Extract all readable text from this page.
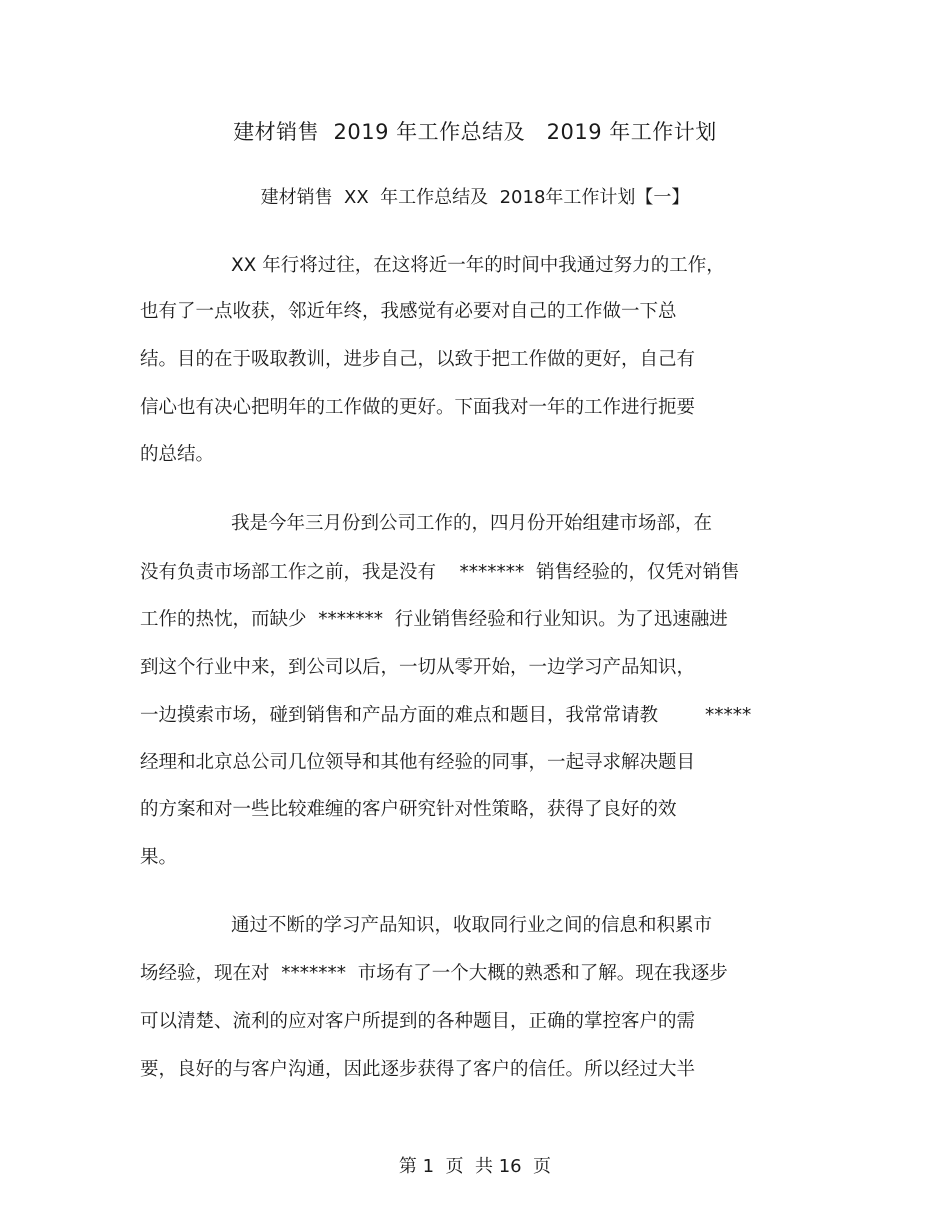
建材销售  2019 年工作总结及   2019 年工作计划
建材销售  XX  年工作总结及  2018年工作计划【一】
XX 年行将过往，在这将近一年的时间中我通过努力的工作，
也有了一点收获，邻近年终，我感觉有必要对自己的工作做一下总
结。目的在于吸取教训，进步自己，以致于把工作做的更好，自己有
信心也有决心把明年的工作做的更好。下面我对一年的工作进行扼要
的总结。
我是今年三月份到公司工作的，四月份开始组建市场部，在
没有负责市场部工作之前，我是没有    *******  销售经验的，仅凭对销售
工作的热忱，而缺少  *******  行业销售经验和行业知识。为了迅速融进
到这个行业中来，到公司以后，一切从零开始，一边学习产品知识，
一边摸索市场，碰到销售和产品方面的难点和题目，我常常请教        *****
经理和北京总公司几位领导和其他有经验的同事，一起寻求解决题目
的方案和对一些比较难缠的客户研究针对性策略，获得了良好的效
果。
通过不断的学习产品知识，收取同行业之间的信息和积累市
场经验，现在对  *******  市场有了一个大概的熟悉和了解。现在我逐步
可以清楚、流利的应对客户所提到的各种题目，正确的掌控客户的需
要，良好的与客户沟通，因此逐步获得了客户的信任。所以经过大半
第 1  页  共 16  页
